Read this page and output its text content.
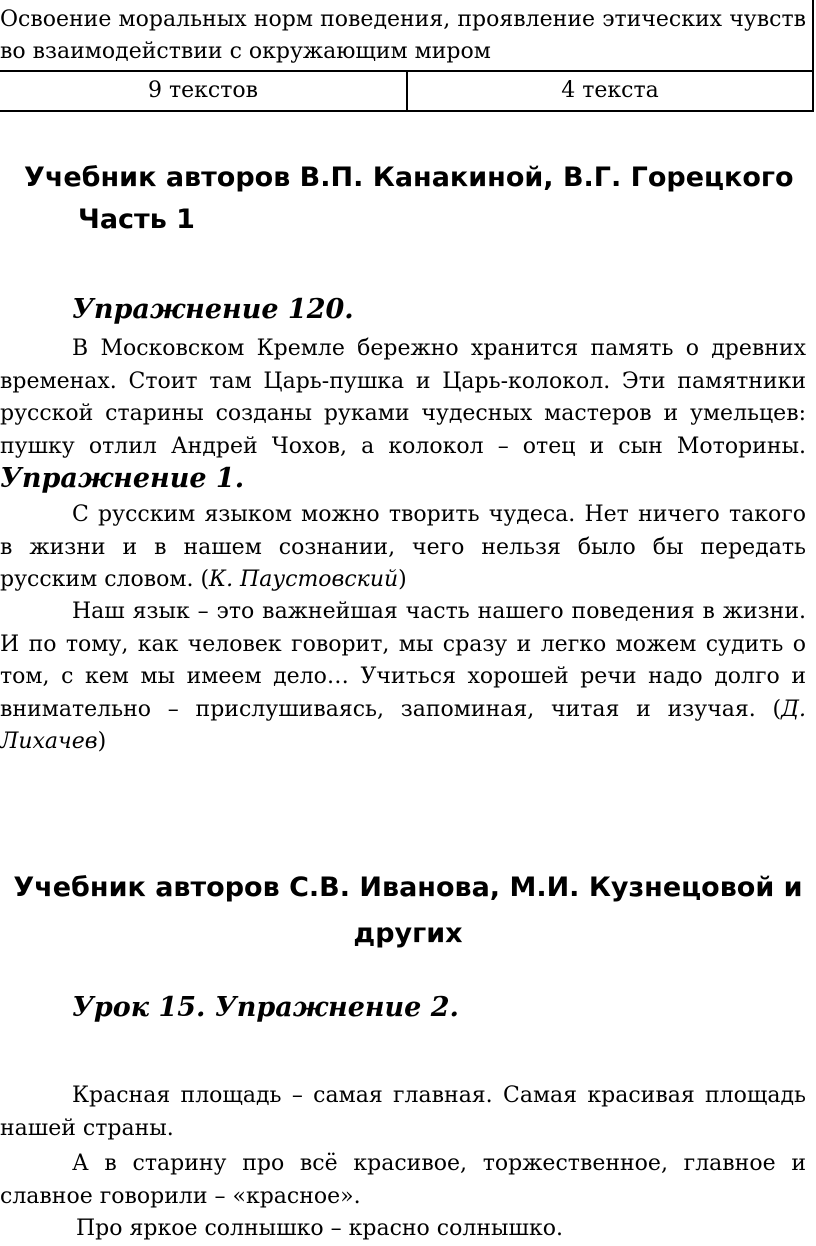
Освоение моральных норм поведения, проявление этических чувств во взаимодействии с окружающим миром
9 текстов	4 текста
Учебник авторов В.П. Канакиной, В.Г. Горецкого
Часть 1
Упражнение 120.

В Московском Кремле бережно хранится память о древних временах. Стоит там Царь-пушка и Царь-колокол. Эти памятники русской старины созданы руками чудесных мастеров и умельцев: пушку отлил Андрей Чохов, а колокол – отец и сын Моторины.

Упражнение 1.

С русским языком можно творить чудеса. Нет ничего такого в жизни и в нашем сознании, чего нельзя было бы передать русским словом. (К. Паустовский)

Наш язык – это важнейшая часть нашего поведения в жизни. И по тому, как человек говорит, мы сразу и легко можем судить о том, с кем мы имеем дело… Учиться хорошей речи надо долго и внимательно – прислушиваясь, запоминая, читая и изучая. (Д. Лихачев)

Учебник авторов С.В. Иванова, М.И. Кузнецовой и других
Урок 15. Упражнение 2.

Красная площадь – самая главная. Самая красивая площадь нашей страны.

А в старину про всё красивое, торжественное, главное и славное говорили – «красное».

Про яркое солнышко – красно солнышко.
